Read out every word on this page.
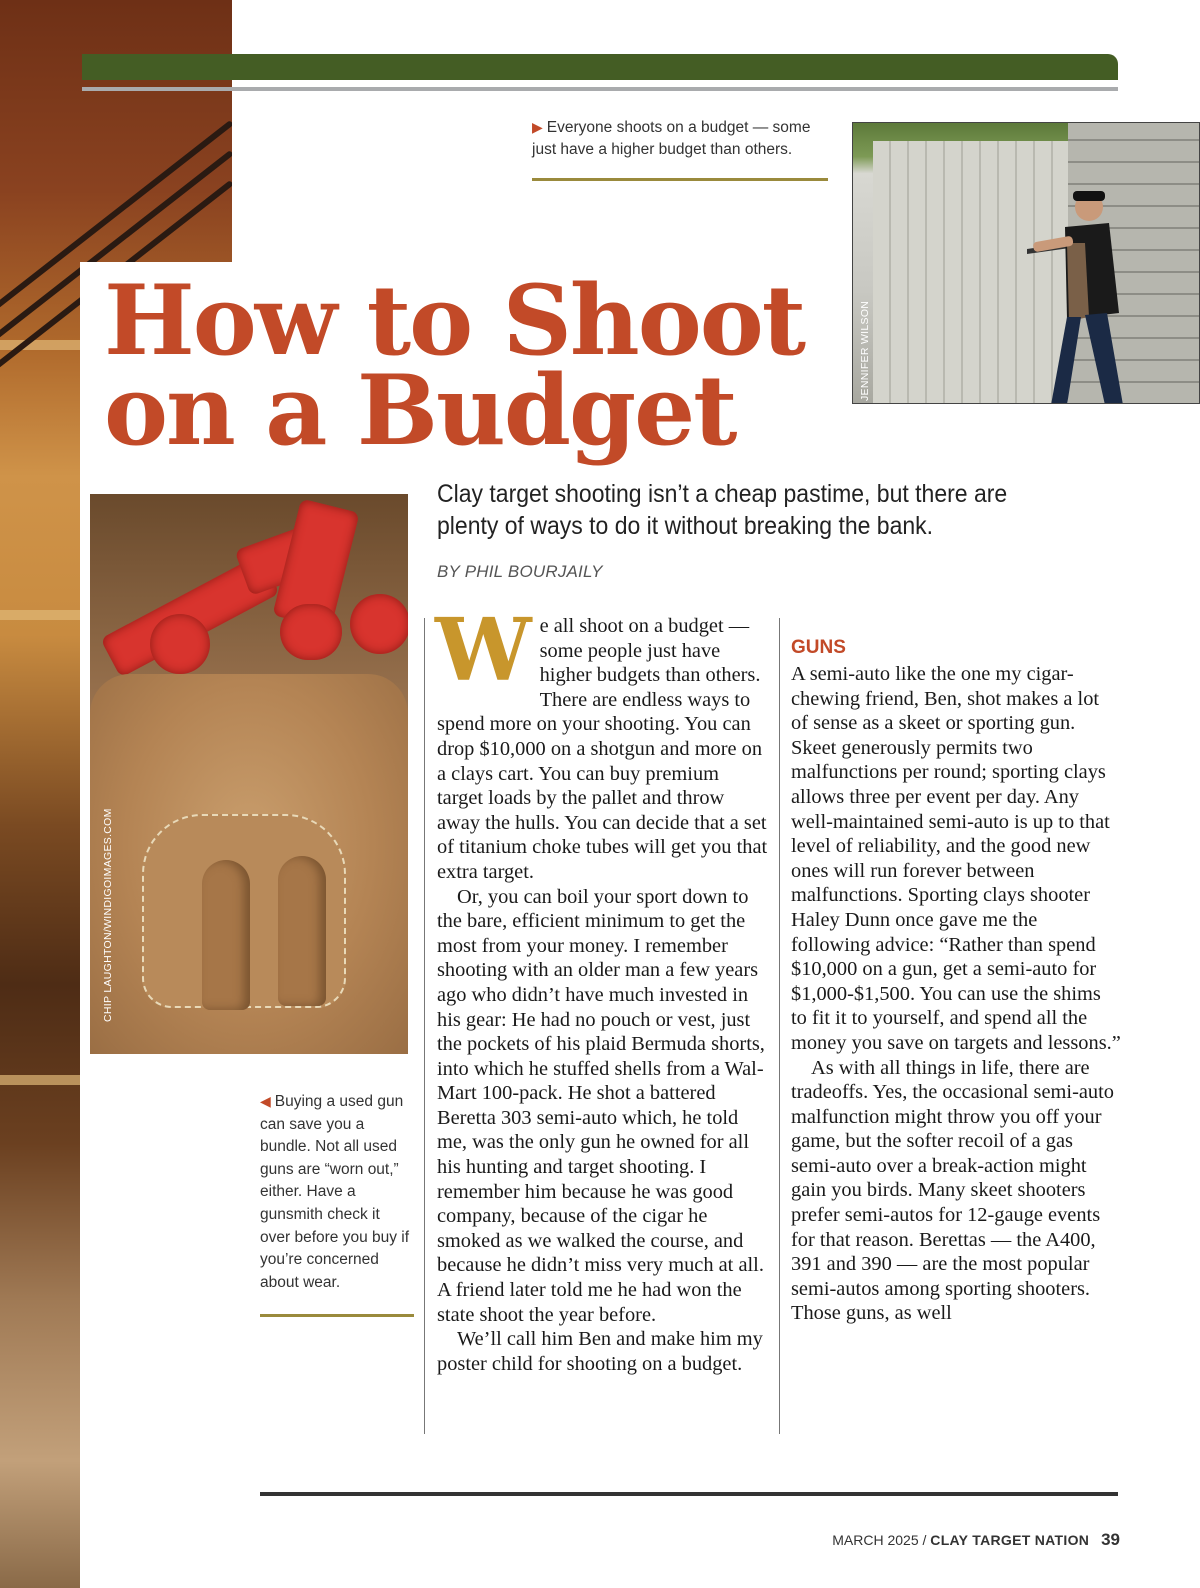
▶ Everyone shoots on a budget — some just have a higher budget than others.
JENNIFER WILSON
How to Shoot
on a Budget
CHIP LAUGHTON/WINDIGOIMAGES.COM

Clay target shooting isn’t a cheap pastime, but there are plenty of ways to do it without breaking the bank.

BY PHIL BOURJAILY

We all shoot on a budget — some people just have higher budgets than others. There are endless ways to spend more on your shooting. You can drop $10,000 on a shotgun and more on a clays cart. You can buy premium target loads by the pallet and throw away the hulls. You can decide that a set of titanium choke tubes will get you that extra target.

Or, you can boil your sport down to the bare, efficient minimum to get the most from your money. I remember shooting with an older man a few years ago who didn’t have much invested in his gear: He had no pouch or vest, just the pockets of his plaid Bermuda shorts, into which he stuffed shells from a Wal-Mart 100-pack. He shot a battered Beretta 303 semi-auto which, he told me, was the only gun he owned for all his hunting and target shooting. I remember him because he was good company, because of the cigar he smoked as we walked the course, and because he didn’t miss very much at all. A friend later told me he had won the state shoot the year before.

We’ll call him Ben and make him my poster child for shooting on a budget.

GUNS

A semi-auto like the one my cigar-chewing friend, Ben, shot makes a lot of sense as a skeet or sporting gun. Skeet generously permits two malfunctions per round; sporting clays allows three per event per day. Any well-maintained semi-auto is up to that level of reliability, and the good new ones will run forever between malfunctions. Sporting clays shooter Haley Dunn once gave me the following advice: “Rather than spend $10,000 on a gun, get a semi-auto for $1,000-$1,500. You can use the shims to fit it to yourself, and spend all the money you save on targets and lessons.”

As with all things in life, there are tradeoffs. Yes, the occasional semi-auto malfunction might throw you off your game, but the softer recoil of a gas semi-auto over a break-action might gain you birds. Many skeet shooters prefer semi-autos for 12-gauge events for that reason. Berettas — the A400, 391 and 390 — are the most popular semi-autos among sporting shooters. Those guns, as well

◀ Buying a used gun can save you a bundle. Not all used guns are “worn out,” either. Have a gunsmith check it over before you buy if you’re concerned about wear.
MITCH KEZAR/WINDIGOIMAGES.COM
MARCH 2025 / CLAY TARGET NATION 39
